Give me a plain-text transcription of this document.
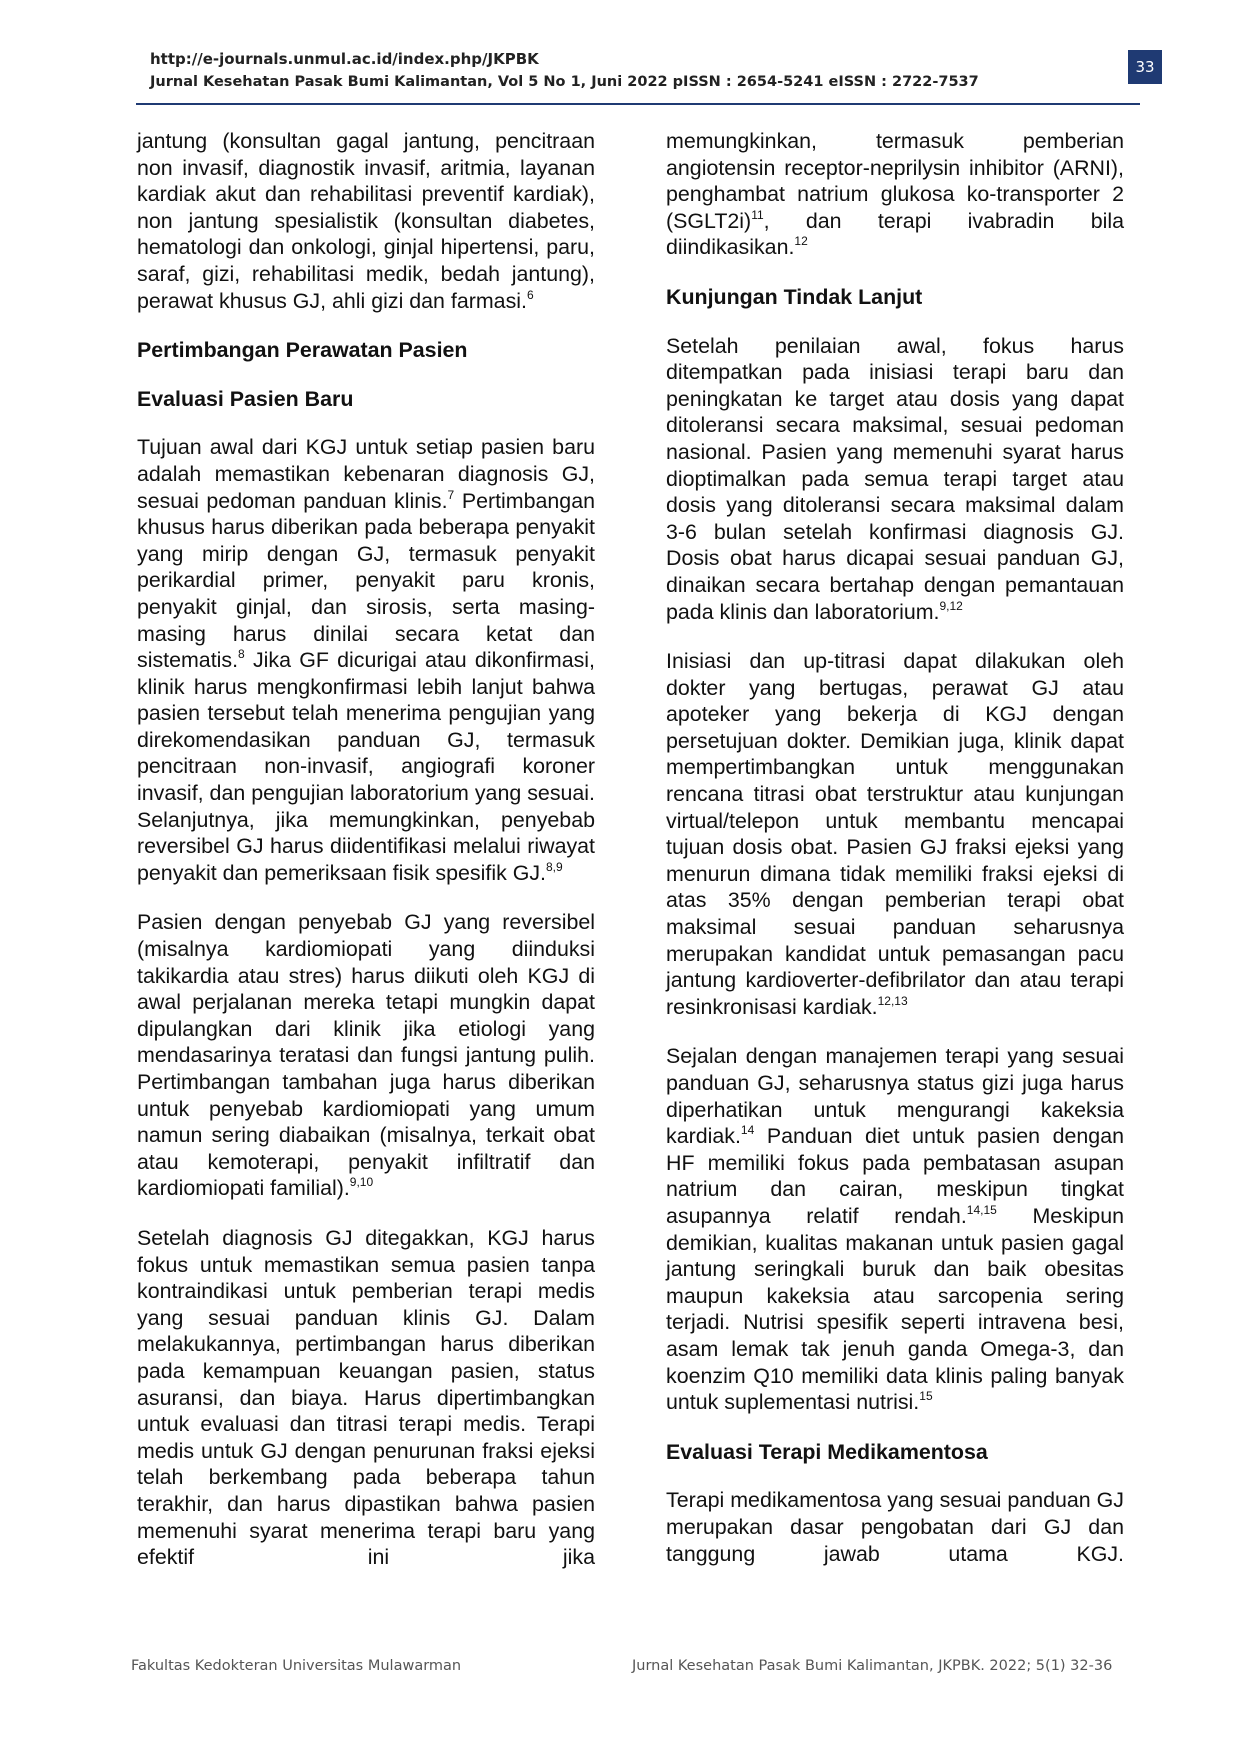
http://e-journals.unmul.ac.id/index.php/JKPBK
Jurnal Kesehatan Pasak Bumi Kalimantan, Vol 5 No 1, Juni 2022 pISSN : 2654-5241 eISSN : 2722-7537
33

jantung (konsultan gagal jantung, pencitraan non invasif, diagnostik invasif, aritmia, layanan kardiak akut dan rehabilitasi preventif kardiak), non jantung spesialistik (konsultan diabetes, hematologi dan onkologi, ginjal hipertensi, paru, saraf, gizi, rehabilitasi medik, bedah jantung), perawat khusus GJ, ahli gizi dan farmasi.$^6$

Pertimbangan Perawatan Pasien
Evaluasi Pasien Baru

Tujuan awal dari KGJ untuk setiap pasien baru adalah memastikan kebenaran diagnosis GJ, sesuai pedoman panduan klinis.$^7$ Pertimbangan khusus harus diberikan pada beberapa penyakit yang mirip dengan GJ, termasuk penyakit perikardial primer, penyakit paru kronis, penyakit ginjal, dan sirosis, serta masing-masing harus dinilai secara ketat dan sistematis.$^8$ Jika GF dicurigai atau dikonfirmasi, klinik harus mengkonfirmasi lebih lanjut bahwa pasien tersebut telah menerima pengujian yang direkomendasikan panduan GJ, termasuk pencitraan non-invasif, angiografi koroner invasif, dan pengujian laboratorium yang sesuai. Selanjutnya, jika memungkinkan, penyebab reversibel GJ harus diidentifikasi melalui riwayat penyakit dan pemeriksaan fisik spesifik GJ.$^{8,9}$

Pasien dengan penyebab GJ yang reversibel (misalnya kardiomiopati yang diinduksi takikardia atau stres) harus diikuti oleh KGJ di awal perjalanan mereka tetapi mungkin dapat dipulangkan dari klinik jika etiologi yang mendasarinya teratasi dan fungsi jantung pulih. Pertimbangan tambahan juga harus diberikan untuk penyebab kardiomiopati yang umum namun sering diabaikan (misalnya, terkait obat atau kemoterapi, penyakit infiltratif dan kardiomiopati familial).$^{9,10}$

Setelah diagnosis GJ ditegakkan, KGJ harus fokus untuk memastikan semua pasien tanpa kontraindikasi untuk pemberian terapi medis yang sesuai panduan klinis GJ. Dalam melakukannya, pertimbangan harus diberikan pada kemampuan keuangan pasien, status asuransi, dan biaya. Harus dipertimbangkan untuk evaluasi dan titrasi terapi medis. Terapi medis untuk GJ dengan penurunan fraksi ejeksi telah berkembang pada beberapa tahun terakhir, dan harus dipastikan bahwa pasien memenuhi syarat menerima terapi baru yang efektif ini jika

memungkinkan, termasuk pemberian angiotensin receptor-neprilysin inhibitor (ARNI), penghambat natrium glukosa ko-transporter 2 (SGLT2i)$^{11}$, dan terapi ivabradin bila diindikasikan.$^{12}$

Kunjungan Tindak Lanjut

Setelah penilaian awal, fokus harus ditempatkan pada inisiasi terapi baru dan peningkatan ke target atau dosis yang dapat ditoleransi secara maksimal, sesuai pedoman nasional. Pasien yang memenuhi syarat harus dioptimalkan pada semua terapi target atau dosis yang ditoleransi secara maksimal dalam 3-6 bulan setelah konfirmasi diagnosis GJ. Dosis obat harus dicapai sesuai panduan GJ, dinaikan secara bertahap dengan pemantauan pada klinis dan laboratorium.$^{9,12}$

Inisiasi dan up-titrasi dapat dilakukan oleh dokter yang bertugas, perawat GJ atau apoteker yang bekerja di KGJ dengan persetujuan dokter. Demikian juga, klinik dapat mempertimbangkan untuk menggunakan rencana titrasi obat terstruktur atau kunjungan virtual/telepon untuk membantu mencapai tujuan dosis obat. Pasien GJ fraksi ejeksi yang menurun dimana tidak memiliki fraksi ejeksi di atas 35% dengan pemberian terapi obat maksimal sesuai panduan seharusnya merupakan kandidat untuk pemasangan pacu jantung kardioverter-defibrilator dan atau terapi resinkronisasi kardiak.$^{12,13}$

Sejalan dengan manajemen terapi yang sesuai panduan GJ, seharusnya status gizi juga harus diperhatikan untuk mengurangi kakeksia kardiak.$^{14}$ Panduan diet untuk pasien dengan HF memiliki fokus pada pembatasan asupan natrium dan cairan, meskipun tingkat asupannya relatif rendah.$^{14,15}$ Meskipun demikian, kualitas makanan untuk pasien gagal jantung seringkali buruk dan baik obesitas maupun kakeksia atau sarcopenia sering terjadi. Nutrisi spesifik seperti intravena besi, asam lemak tak jenuh ganda Omega-3, dan koenzim Q10 memiliki data klinis paling banyak untuk suplementasi nutrisi.$^{15}$

Evaluasi Terapi Medikamentosa

Terapi medikamentosa yang sesuai panduan GJ merupakan dasar pengobatan dari GJ dan tanggung jawab utama KGJ.

Fakultas Kedokteran Universitas Mulawarman	Jurnal Kesehatan Pasak Bumi Kalimantan, JKPBK. 2022; 5(1) 32-36
